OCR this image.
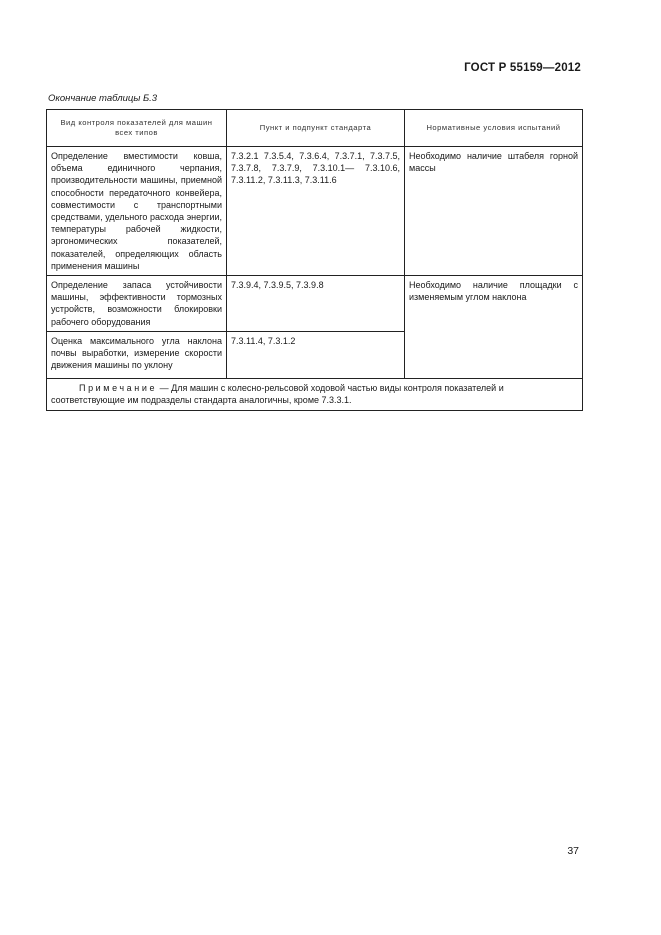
ГОСТ Р 55159—2012
Окончание таблицы Б.3
Вид контроля показателей для машин всех типов	Пункт и подпункт стандарта	Нормативные условия испытаний
Определение вместимости ковша, объема единичного черпания, производительности машины, приемной способности передаточного конвейера, совместимости с транспортными средствами, удельного расхода энергии, температуры рабочей жидкости, эргономических показателей, показателей, определяющих область применения машины	7.3.2.1 7.3.5.4, 7.3.6.4, 7.3.7.1, 7.3.7.5, 7.3.7.8, 7.3.7.9, 7.3.10.1— 7.3.10.6, 7.3.11.2, 7.3.11.3, 7.3.11.6	Необходимо наличие штабеля горной массы
Определение запаса устойчивости машины, эффективности тормозных устройств, возможности блокировки рабочего оборудования	7.3.9.4, 7.3.9.5, 7.3.9.8	Необходимо наличие площадки с изменяемым углом наклона
Оценка максимального угла наклона почвы выработки, измерение скорости движения машины по уклону	7.3.11.4, 7.3.1.2	
Примечание — Для машин с колесно-рельсовой ходовой частью виды контроля показателей и соответствующие им подразделы стандарта аналогичны, кроме 7.3.3.1.		
37
